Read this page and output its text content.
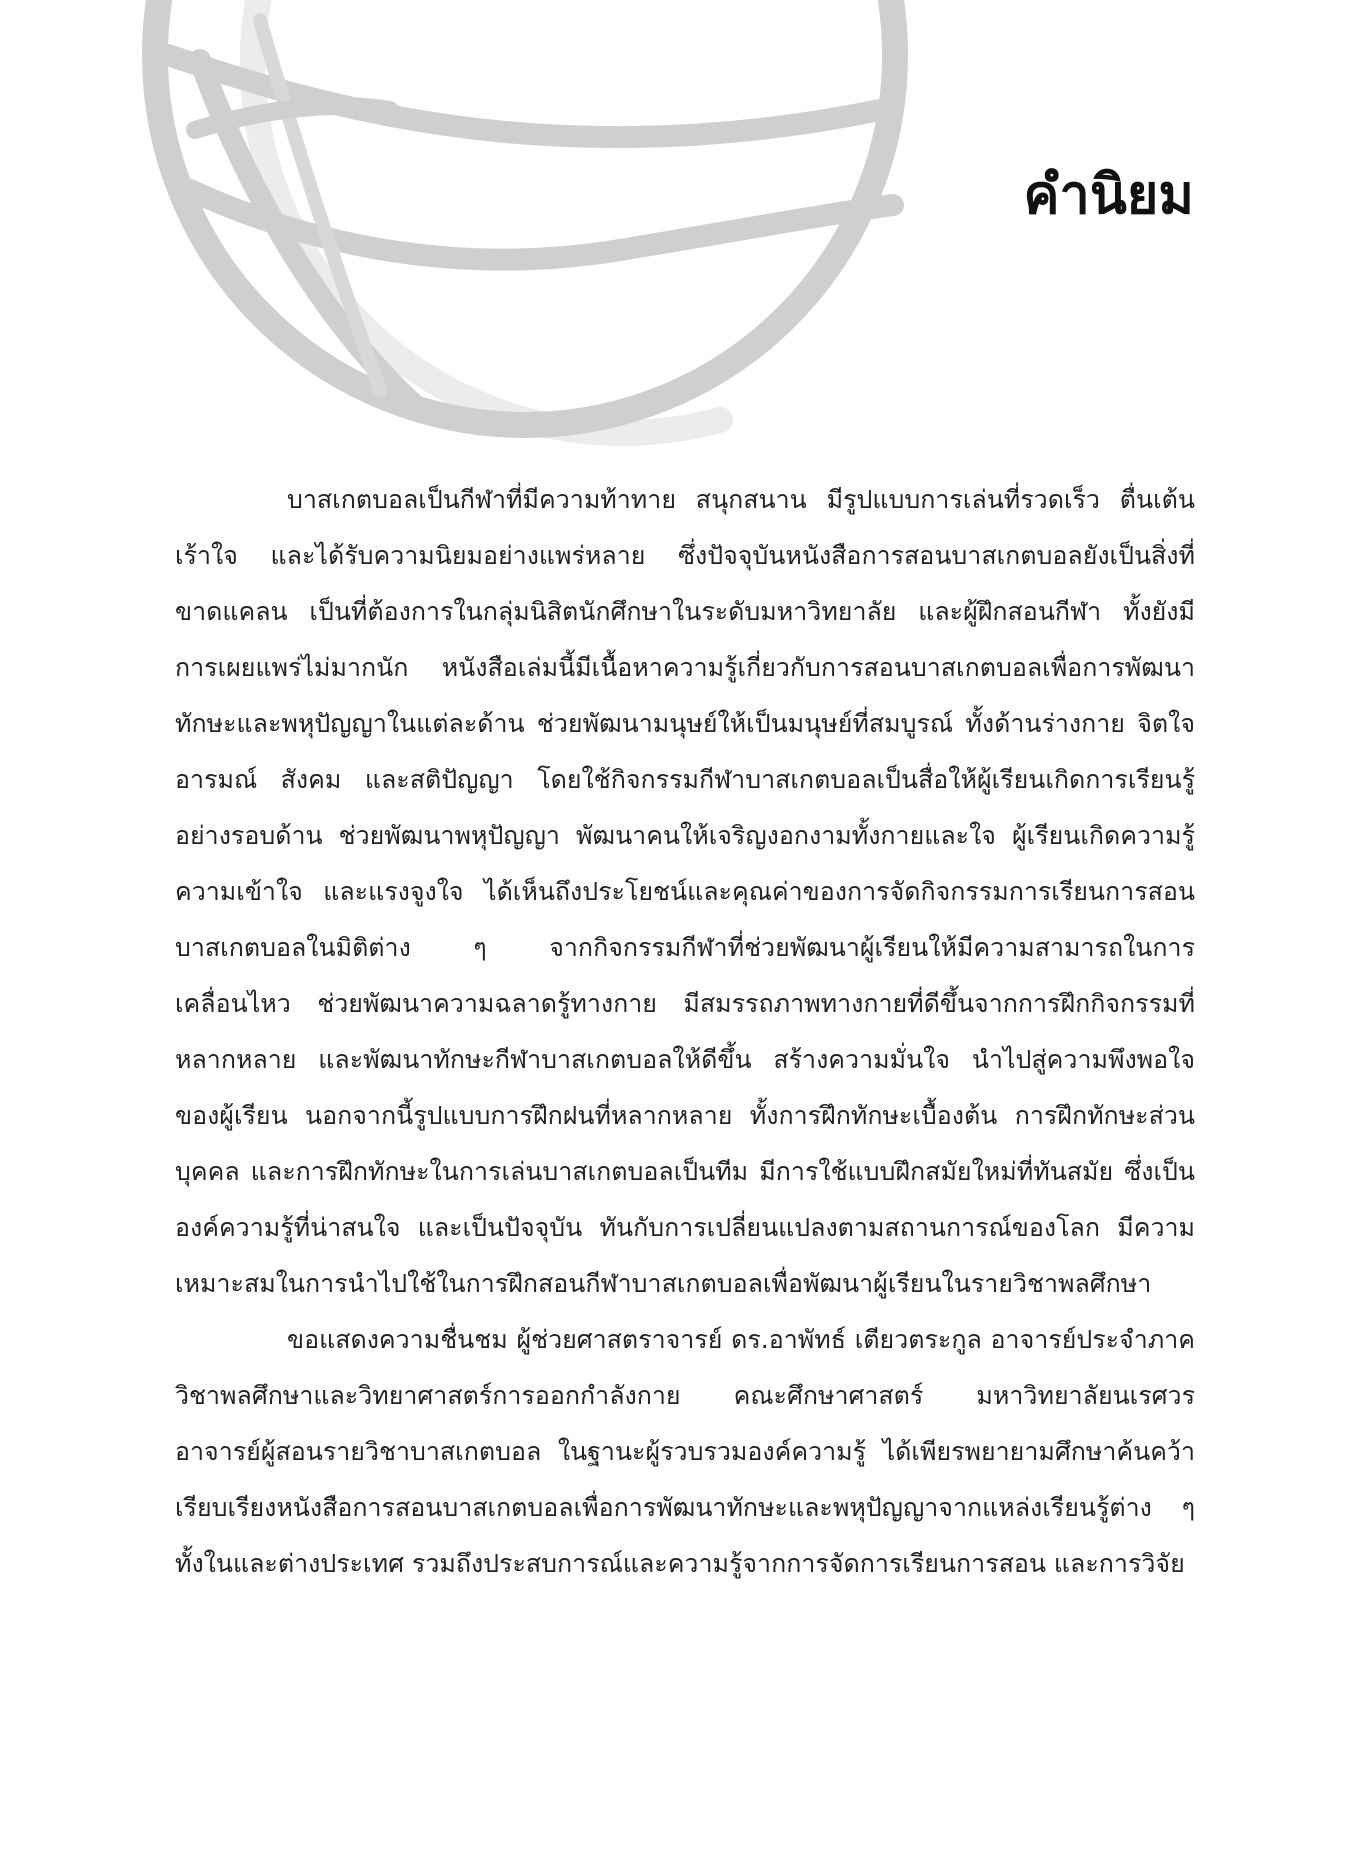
คำนิยม

บาสเกตบอลเป็นกีฬาที่มีความท้าทาย สนุกสนาน มีรูปแบบการเล่นที่รวดเร็ว ตื่นเต้นเร้าใจ และได้รับความนิยมอย่างแพร่หลาย ซึ่งปัจจุบันหนังสือการสอนบาสเกตบอลยังเป็นสิ่งที่ขาดแคลน เป็นที่ต้องการในกลุ่มนิสิตนักศึกษาในระดับมหาวิทยาลัย และผู้ฝึกสอนกีฬา ทั้งยังมีการเผยแพร่ไม่มากนัก หนังสือเล่มนี้มีเนื้อหาความรู้เกี่ยวกับการสอนบาสเกตบอลเพื่อการพัฒนาทักษะและพหุปัญญาในแต่ละด้าน ช่วยพัฒนามนุษย์ให้เป็นมนุษย์ที่สมบูรณ์ ทั้งด้านร่างกาย จิตใจ อารมณ์ สังคม และสติปัญญา โดยใช้กิจกรรมกีฬาบาสเกตบอลเป็นสื่อให้ผู้เรียนเกิดการเรียนรู้อย่างรอบด้าน ช่วยพัฒนาพหุปัญญา พัฒนาคนให้เจริญงอกงามทั้งกายและใจ ผู้เรียนเกิดความรู้ความเข้าใจ และแรงจูงใจ ได้เห็นถึงประโยชน์และคุณค่าของการจัดกิจกรรมการเรียนการสอนบาสเกตบอลในมิติต่าง ๆ จากกิจกรรมกีฬาที่ช่วยพัฒนาผู้เรียนให้มีความสามารถในการเคลื่อนไหว ช่วยพัฒนาความฉลาดรู้ทางกาย มีสมรรถภาพทางกายที่ดีขึ้นจากการฝึกกิจกรรมที่หลากหลาย และพัฒนาทักษะกีฬาบาสเกตบอลให้ดีขึ้น สร้างความมั่นใจ นำไปสู่ความพึงพอใจของผู้เรียน นอกจากนี้รูปแบบการฝึกฝนที่หลากหลาย ทั้งการฝึกทักษะเบื้องต้น การฝึกทักษะส่วนบุคคล และการฝึกทักษะในการเล่นบาสเกตบอลเป็นทีม มีการใช้แบบฝึกสมัยใหม่ที่ทันสมัย ซึ่งเป็นองค์ความรู้ที่น่าสนใจ และเป็นปัจจุบัน ทันกับการเปลี่ยนแปลงตามสถานการณ์ของโลก มีความเหมาะสมในการนำไปใช้ในการฝึกสอนกีฬาบาสเกตบอลเพื่อพัฒนาผู้เรียนในรายวิชาพลศึกษา

ขอแสดงความชื่นชม ผู้ช่วยศาสตราจารย์ ดร.อาพัทธ์ เตียวตระกูล อาจารย์ประจำภาควิชาพลศึกษาและวิทยาศาสตร์การออกกำลังกาย คณะศึกษาศาสตร์ มหาวิทยาลัยนเรศวร อาจารย์ผู้สอนรายวิชาบาสเกตบอล ในฐานะผู้รวบรวมองค์ความรู้ ได้เพียรพยายามศึกษาค้นคว้าเรียบเรียงหนังสือการสอนบาสเกตบอลเพื่อการพัฒนาทักษะและพหุปัญญาจากแหล่งเรียนรู้ต่าง ๆ ทั้งในและต่างประเทศ รวมถึงประสบการณ์และความรู้จากการจัดการเรียนการสอน และการวิจัย
